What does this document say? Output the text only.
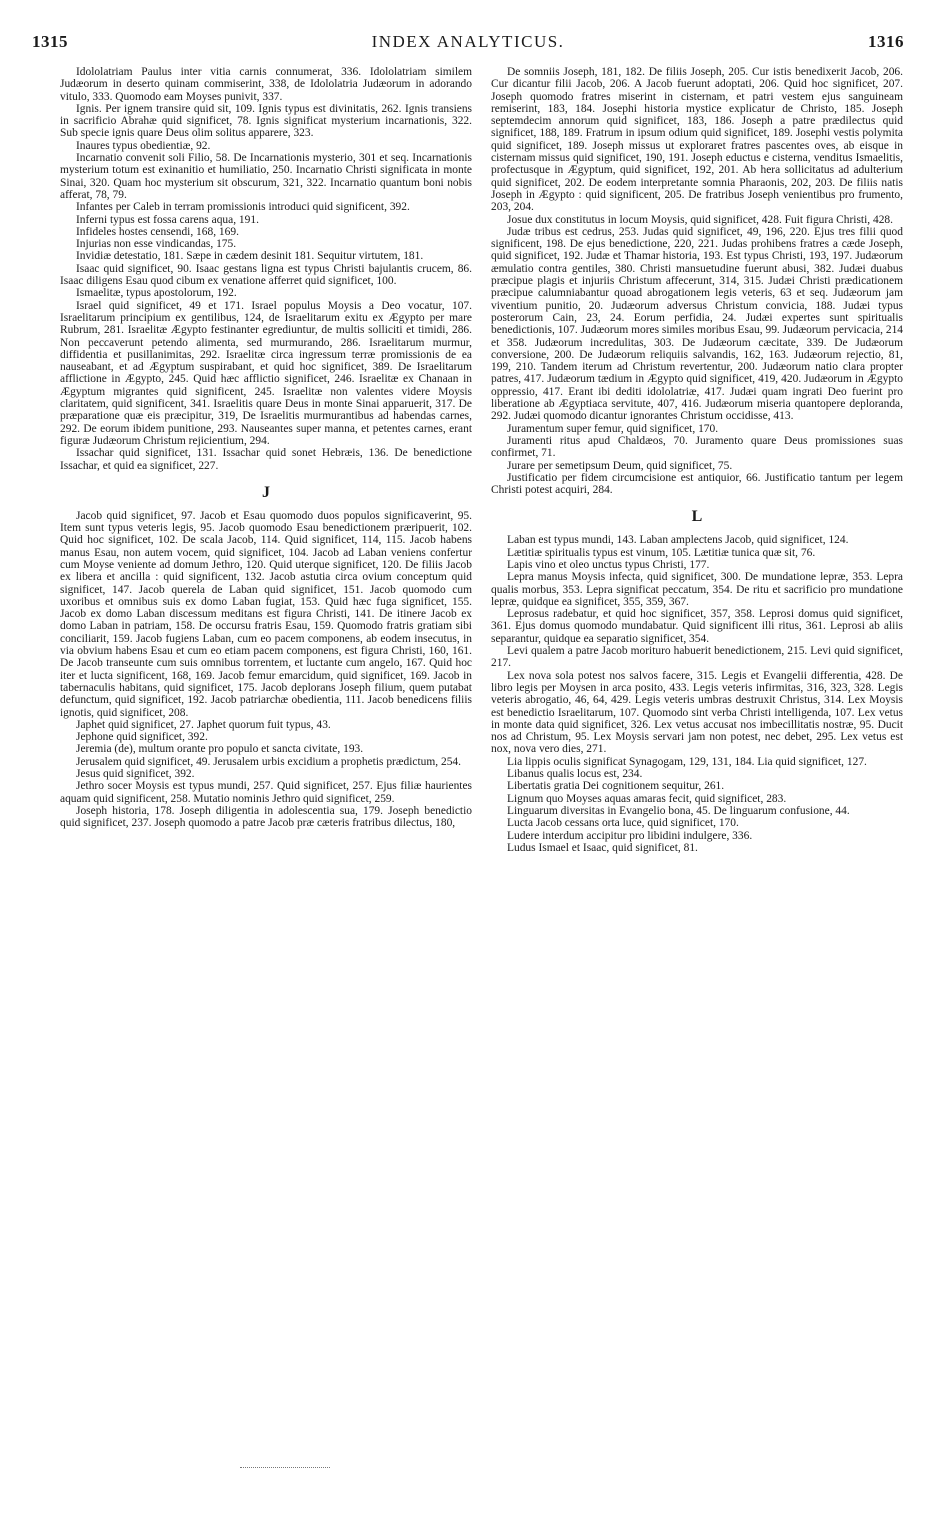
1315	INDEX ANALYTICUS.	1316

Idololatriam Paulus inter vitia carnis connumerat, 336. Idololatriam similem Judæorum in deserto quinam commiserint, 338, de Idololatria Judæorum in adorando vitulo, 333. Quomodo eam Moyses punivit, 337.

Ignis. Per ignem transire quid sit, 109. Ignis typus est divinitatis, 262. Ignis transiens in sacrificio Abrahæ quid significet, 78. Ignis significat mysterium incarnationis, 322. Sub specie ignis quare Deus olim solitus apparere, 323.

Inaures typus obedientiæ, 92.

Incarnatio convenit soli Filio, 58. De Incarnationis mysterio, 301 et seq. Incarnationis mysterium totum est exinanitio et humiliatio, 250. Incarnatio Christi significata in monte Sinai, 320. Quam hoc mysterium sit obscurum, 321, 322. Incarnatio quantum boni nobis afferat, 78, 79.

Infantes per Caleb in terram promissionis introduci quid significent, 392.

Inferni typus est fossa carens aqua, 191.

Infideles hostes censendi, 168, 169.

Injurias non esse vindicandas, 175.

Invidiæ detestatio, 181. Sæpe in cædem desinit 181. Sequitur virtutem, 181.

Isaac quid significet, 90. Isaac gestans ligna est typus Christi bajulantis crucem, 86. Isaac diligens Esau quod cibum ex venatione afferret quid significet, 100.

Ismaelitæ, typus apostolorum, 192.

Israel quid significet, 49 et 171. Israel populus Moysis a Deo vocatur, 107. Israelitarum principium ex gentilibus, 124, de Israelitarum exitu ex Ægypto per mare Rubrum, 281. Israelitæ Ægypto festinanter egrediuntur, de multis solliciti et timidi, 286. Non peccaverunt petendo alimenta, sed murmurando, 286. Israelitarum murmur, diffidentia et pusillanimitas, 292. Israelitæ circa ingressum terræ promissionis de ea nauseabant, et ad Ægyptum suspirabant, et quid hoc significet, 389. De Israelitarum afflictione in Ægypto, 245. Quid hæc afflictio significet, 246. Israelitæ ex Chanaan in Ægyptum migrantes quid significent, 245. Israelitæ non valentes videre Moysis claritatem, quid significent, 341. Israelitis quare Deus in monte Sinai apparuerit, 317. De præparatione quæ eis præcipitur, 319, De Israelitis murmurantibus ad habendas carnes, 292. De eorum ibidem punitione, 293. Nauseantes super manna, et petentes carnes, erant figuræ Judæorum Christum rejicientium, 294.

Issachar quid significet, 131. Issachar quid sonet Hebræis, 136. De benedictione Issachar, et quid ea significet, 227.

J

Jacob quid significet, 97. Jacob et Esau quomodo duos populos significaverint, 95. Item sunt typus veteris legis, 95. Jacob quomodo Esau benedictionem præripuerit, 102. Quid hoc significet, 102. De scala Jacob, 114. Quid significet, 114, 115. Jacob habens manus Esau, non autem vocem, quid significet, 104. Jacob ad Laban veniens confertur cum Moyse veniente ad domum Jethro, 120. Quid uterque significet, 120. De filiis Jacob ex libera et ancilla : quid significent, 132. Jacob astutia circa ovium conceptum quid significet, 147. Jacob querela de Laban quid significet, 151. Jacob quomodo cum uxoribus et omnibus suis ex domo Laban fugiat, 153. Quid hæc fuga significet, 155. Jacob ex domo Laban discessum meditans est figura Christi, 141. De itinere Jacob ex domo Laban in patriam, 158. De occursu fratris Esau, 159. Quomodo fratris gratiam sibi conciliarit, 159. Jacob fugiens Laban, cum eo pacem componens, ab eodem insecutus, in via obvium habens Esau et cum eo etiam pacem componens, est figura Christi, 160, 161. De Jacob transeunte cum suis omnibus torrentem, et luctante cum angelo, 167. Quid hoc iter et lucta significent, 168, 169. Jacob femur emarcidum, quid significet, 169. Jacob in tabernaculis habitans, quid significet, 175. Jacob deplorans Joseph filium, quem putabat defunctum, quid significet, 192. Jacob patriarchæ obedientia, 111. Jacob benedicens filiis ignotis, quid significet, 208.

Japhet quid significet, 27. Japhet quorum fuit typus, 43.

Jephone quid significet, 392.

Jeremia (de), multum orante pro populo et sancta civitate, 193.

Jerusalem quid significet, 49. Jerusalem urbis excidium a prophetis prædictum, 254.

Jesus quid significet, 392.

Jethro socer Moysis est typus mundi, 257. Quid significet, 257. Ejus filiæ haurientes aquam quid significent, 258. Mutatio nominis Jethro quid significet, 259.

Joseph historia, 178. Joseph diligentia in adolescentia sua, 179. Joseph benedictio quid significet, 237. Joseph quomodo a patre Jacob præ cæteris fratribus dilectus, 180,

De somniis Joseph, 181, 182. De filiis Joseph, 205. Cur istis benedixerit Jacob, 206. Cur dicantur filii Jacob, 206. A Jacob fuerunt adoptati, 206. Quid hoc significet, 207. Joseph quomodo fratres miserint in cisternam, et patri vestem ejus sanguineam remiserint, 183, 184. Josephi historia mystice explicatur de Christo, 185. Joseph septemdecim annorum quid significet, 183, 186. Joseph a patre prædilectus quid significet, 188, 189. Fratrum in ipsum odium quid significet, 189. Josephi vestis polymita quid significet, 189. Joseph missus ut exploraret fratres pascentes oves, ab eisque in cisternam missus quid significet, 190, 191. Joseph eductus e cisterna, venditus Ismaelitis, profectusque in Ægyptum, quid significet, 192, 201. Ab hera sollicitatus ad adulterium quid significet, 202. De eodem interpretante somnia Pharaonis, 202, 203. De filiis natis Joseph in Ægypto : quid significent, 205. De fratribus Joseph venientibus pro frumento, 203, 204.

Josue dux constitutus in locum Moysis, quid significet, 428. Fuit figura Christi, 428.

Judæ tribus est cedrus, 253. Judas quid significet, 49, 196, 220. Ejus tres filii quod significent, 198. De ejus benedictione, 220, 221. Judas prohibens fratres a cæde Joseph, quid significet, 192. Judæ et Thamar historia, 193. Est typus Christi, 193, 197. Judæorum æmulatio contra gentiles, 380. Christi mansuetudine fuerunt abusi, 382. Judæi duabus præcipue plagis et injuriis Christum affecerunt, 314, 315. Judæi Christi prædicationem præcipue calumniabantur quoad abrogationem legis veteris, 63 et seq. Judæorum jam viventium punitio, 20. Judæorum adversus Christum convicia, 188. Judæi typus posterorum Cain, 23, 24. Eorum perfidia, 24. Judæi expertes sunt spiritualis benedictionis, 107. Judæorum mores similes moribus Esau, 99. Judæorum pervicacia, 214 et 358. Judæorum incredulitas, 303. De Judæorum cæcitate, 339. De Judæorum conversione, 200. De Judæorum reliquiis salvandis, 162, 163. Judæorum rejectio, 81, 199, 210. Tandem iterum ad Christum revertentur, 200. Judæorum natio clara propter patres, 417. Judæorum tædium in Ægypto quid significet, 419, 420. Judæorum in Ægypto oppressio, 417. Erant ibi dediti idololatriæ, 417. Judæi quam ingrati Deo fuerint pro liberatione ab Ægyptiaca servitute, 407, 416. Judæorum miseria quantopere deploranda, 292. Judæi quomodo dicantur ignorantes Christum occidisse, 413.

Juramentum super femur, quid significet, 170.

Juramenti ritus apud Chaldæos, 70. Juramento quare Deus promissiones suas confirmet, 71.

Jurare per semetipsum Deum, quid significet, 75.

Justificatio per fidem circumcisione est antiquior, 66. Justificatio tantum per legem Christi potest acquiri, 284.

L

Laban est typus mundi, 143. Laban amplectens Jacob, quid significet, 124.

Lætitiæ spiritualis typus est vinum, 105. Lætitiæ tunica quæ sit, 76.

Lapis vino et oleo unctus typus Christi, 177.

Lepra manus Moysis infecta, quid significet, 300. De mundatione lepræ, 353. Lepra qualis morbus, 353. Lepra significat peccatum, 354. De ritu et sacrificio pro mundatione lepræ, quidque ea significet, 355, 359, 367.

Leprosus radebatur, et quid hoc significet, 357, 358. Leprosi domus quid significet, 361. Ejus domus quomodo mundabatur. Quid significent illi ritus, 361. Leprosi ab aliis separantur, quidque ea separatio significet, 354.

Levi qualem a patre Jacob morituro habuerit benedictionem, 215. Levi quid significet, 217.

Lex nova sola potest nos salvos facere, 315. Legis et Evangelii differentia, 428. De libro legis per Moysen in arca posito, 433. Legis veteris infirmitas, 316, 323, 328. Legis veteris abrogatio, 46, 64, 429. Legis veteris umbras destruxit Christus, 314. Lex Moysis est benedictio Israelitarum, 107. Quomodo sint verba Christi intelligenda, 107. Lex vetus in monte data quid significet, 326. Lex vetus accusat nos imbecillitatis nostræ, 95. Ducit nos ad Christum, 95. Lex Moysis servari jam non potest, nec debet, 295. Lex vetus est nox, nova vero dies, 271.

Lia lippis oculis significat Synagogam, 129, 131, 184. Lia quid significet, 127.

Libanus qualis locus est, 234.

Libertatis gratia Dei cognitionem sequitur, 261.

Lignum quo Moyses aquas amaras fecit, quid significet, 283.

Linguarum diversitas in Evangelio bona, 45. De linguarum confusione, 44.

Lucta Jacob cessans orta luce, quid significet, 170.

Ludere interdum accipitur pro libidini indulgere, 336.

Ludus Ismael et Isaac, quid significet, 81.
